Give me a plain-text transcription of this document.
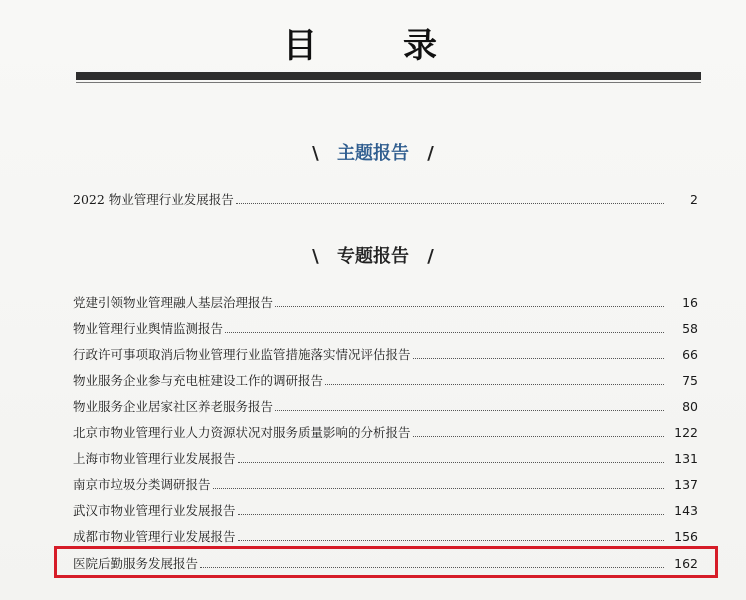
目　录
\ 主题报告 /
2022 物业管理行业发展报告	2
\ 专题报告 /
党建引领物业管理融人基层治理报告	16
物业管理行业舆情监测报告	58
行政许可事项取消后物业管理行业监管措施落实情况评估报告	66
物业服务企业参与充电桩建设工作的调研报告	75
物业服务企业居家社区养老服务报告	80
北京市物业管理行业人力资源状况对服务质量影响的分析报告	122
上海市物业管理行业发展报告	131
南京市垃圾分类调研报告	137
武汉市物业管理行业发展报告	143
成都市物业管理行业发展报告	156
医院后勤服务发展报告	162
